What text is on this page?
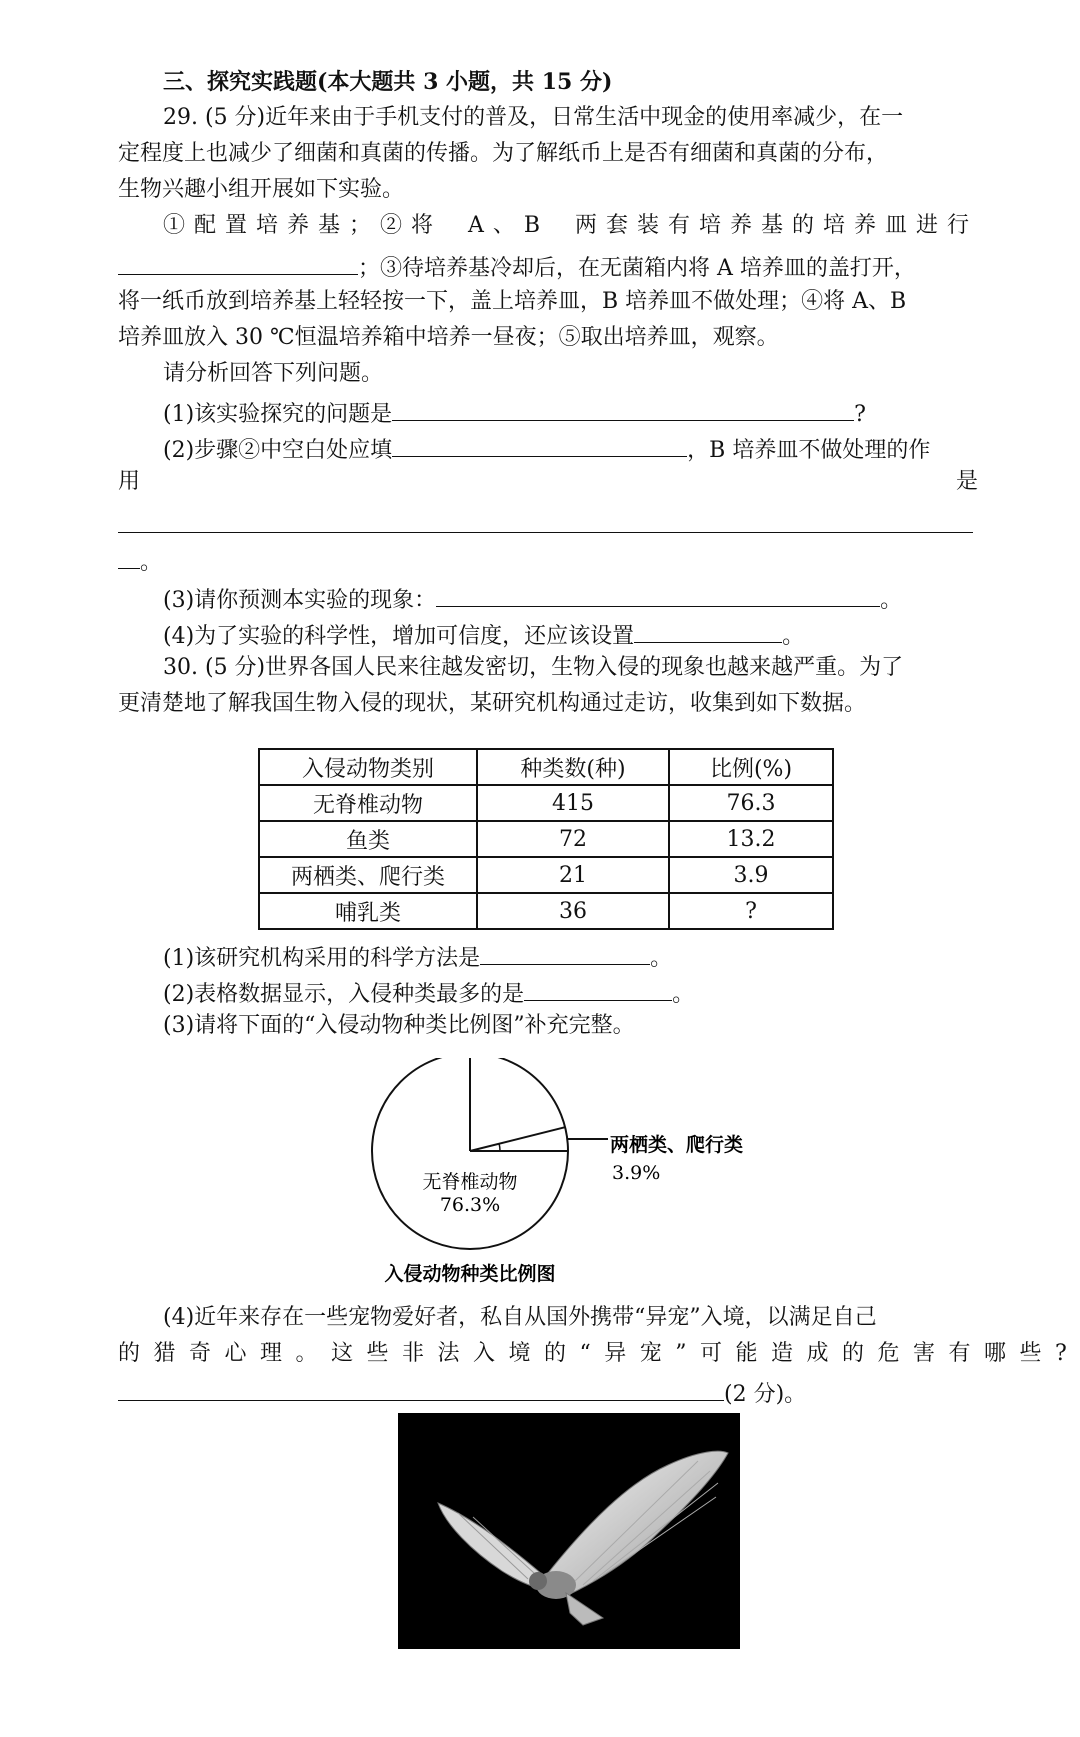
三、探究实践题(本大题共 3 小题，共 15 分)
29. (5 分)近年来由于手机支付的普及，日常生活中现金的使用率减少，在一
定程度上也减少了细菌和真菌的传播。为了解纸币上是否有细菌和真菌的分布，
生物兴趣小组开展如下实验。
①配置培养基；②将 A、B 两套装有培养基的培养皿进行
；③待培养基冷却后，在无菌箱内将 A 培养皿的盖打开，
将一纸币放到培养基上轻轻按一下，盖上培养皿，B 培养皿不做处理；④将 A、B
培养皿放入 30 ℃恒温培养箱中培养一昼夜；⑤取出培养皿，观察。
请分析回答下列问题。
(1)该实验探究的问题是	?
(2)步骤②中空白处应填	，B 培养皿不做处理的作
用	是
。
(3)请你预测本实验的现象：	。
(4)为了实验的科学性，增加可信度，还应该设置	。
30. (5 分)世界各国人民来往越发密切，生物入侵的现象也越来越严重。为了
更清楚地了解我国生物入侵的现状，某研究机构通过走访，收集到如下数据。
入侵动物类别	种类数(种)	比例(%)
无脊椎动物	415	76.3
鱼类	72	13.2
两栖类、爬行类	21	3.9
哺乳类	36	?
(1)该研究机构采用的科学方法是	。
(2)表格数据显示，入侵种类最多的是	。
(3)请将下面的“入侵动物种类比例图”补充完整。
无脊椎动物
76.3%
两栖类、爬行类
3.9%
入侵动物种类比例图
(4)近年来存在一些宠物爱好者，私自从国外携带“异宠”入境，以满足自己
的猎奇心理。这些非法入境的“异宠”可能造成的危害有哪些 ?
(2 分)。
